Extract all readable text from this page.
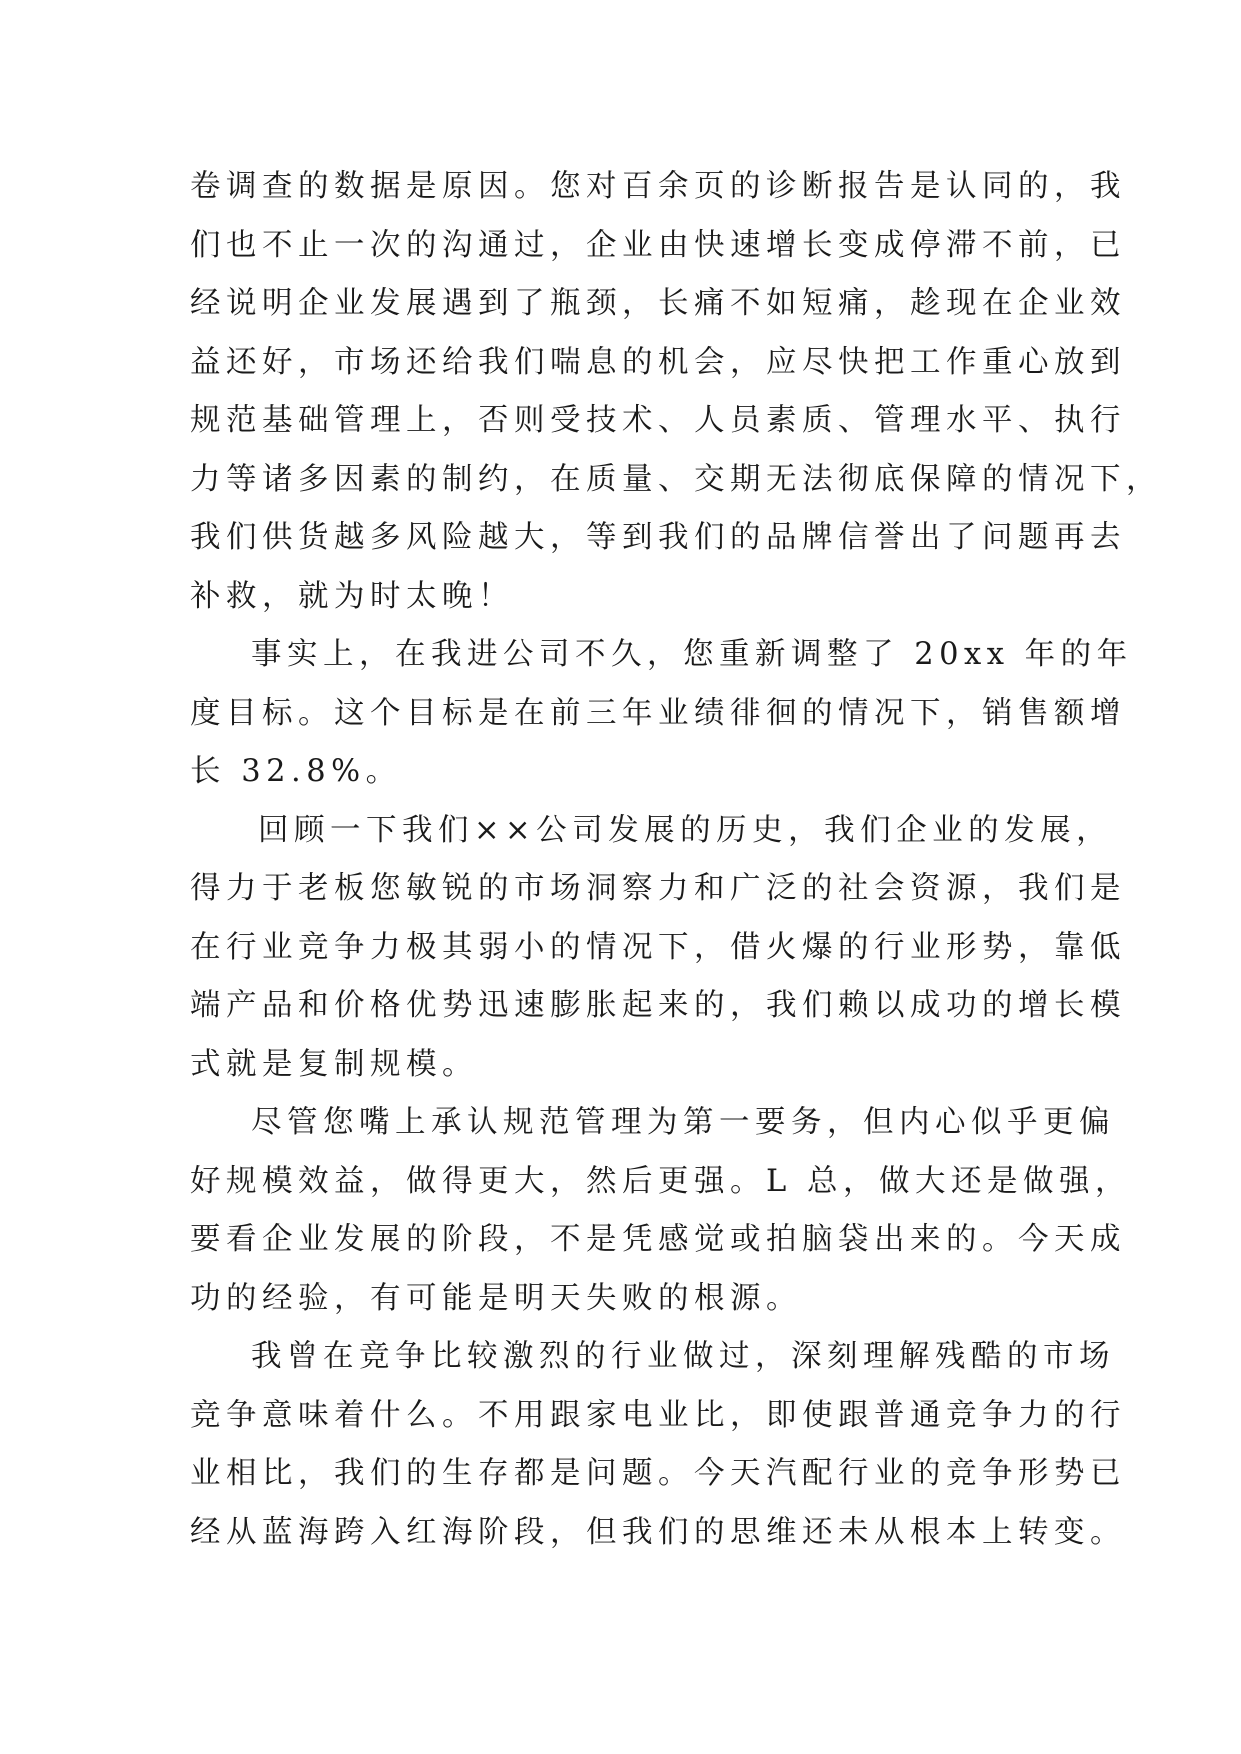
卷调查的数据是原因。您对百余页的诊断报告是认同的，我
们也不止一次的沟通过，企业由快速增长变成停滞不前，已
经说明企业发展遇到了瓶颈，长痛不如短痛，趁现在企业效
益还好，市场还给我们喘息的机会，应尽快把工作重心放到
规范基础管理上，否则受技术、人员素质、管理水平、执行
力等诸多因素的制约，在质量、交期无法彻底保障的情况下，
我们供货越多风险越大，等到我们的品牌信誉出了问题再去
补救，就为时太晚！
事实上，在我进公司不久，您重新调整了 20xx 年的年
度目标。这个目标是在前三年业绩徘徊的情况下，销售额增
长 32.8%。
回顾一下我们××公司发展的历史，我们企业的发展，
得力于老板您敏锐的市场洞察力和广泛的社会资源，我们是
在行业竞争力极其弱小的情况下，借火爆的行业形势，靠低
端产品和价格优势迅速膨胀起来的，我们赖以成功的增长模
式就是复制规模。
尽管您嘴上承认规范管理为第一要务，但内心似乎更偏
好规模效益，做得更大，然后更强。L 总，做大还是做强，
要看企业发展的阶段，不是凭感觉或拍脑袋出来的。今天成
功的经验，有可能是明天失败的根源。
我曾在竞争比较激烈的行业做过，深刻理解残酷的市场
竞争意味着什么。不用跟家电业比，即使跟普通竞争力的行
业相比，我们的生存都是问题。今天汽配行业的竞争形势已
经从蓝海跨入红海阶段，但我们的思维还未从根本上转变。
